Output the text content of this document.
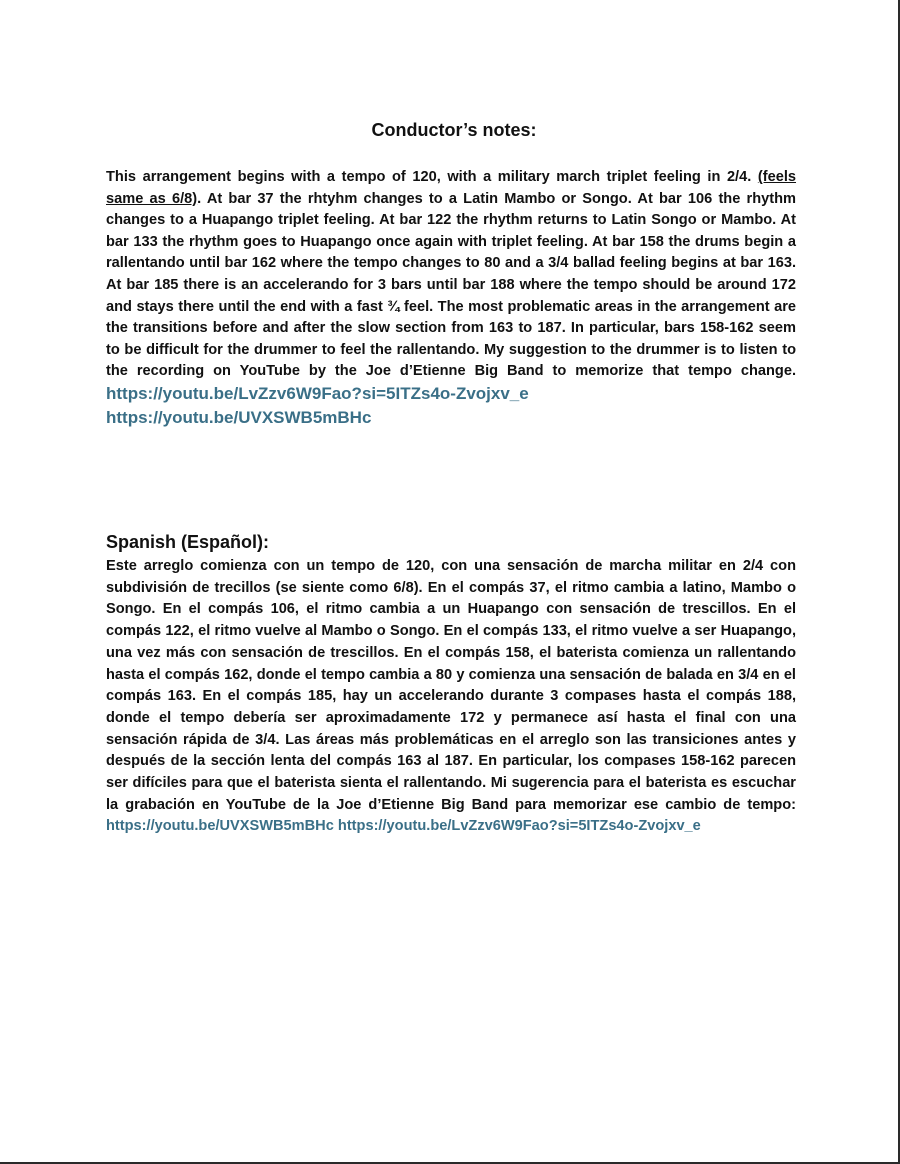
Conductor’s notes:
This arrangement begins with a tempo of 120, with a military march triplet feeling in 2/4. (feels same as 6/8). At bar 37 the rhtyhm changes to a Latin Mambo or Songo. At bar 106 the rhythm changes to a Huapango triplet feeling. At bar 122 the rhythm returns to Latin Songo or Mambo. At bar 133 the rhythm goes to Huapango once again with triplet feeling. At bar 158 the drums begin a rallentando until bar 162 where the tempo changes to 80 and a 3/4 ballad feeling begins at bar 163. At bar 185 there is an accelerando for 3 bars until bar 188 where the tempo should be around 172 and stays there until the end with a fast ¾ feel. The most problematic areas in the arrangement are the transitions before and after the slow section from 163 to 187. In particular, bars 158-162 seem to be difficult for the drummer to feel the rallentando. My suggestion to the drummer is to listen to the recording on YouTube by the Joe d’Etienne Big Band to memorize that tempo change. https://youtu.be/LvZzv6W9Fao?si=5ITZs4o-Zvojxv_e https://youtu.be/UVXSWB5mBHc
Spanish (Español):
Este arreglo comienza con un tempo de 120, con una sensación de marcha militar en 2/4 con subdivisión de trecillos (se siente como 6/8). En el compás 37, el ritmo cambia a latino, Mambo o Songo. En el compás 106, el ritmo cambia a un Huapango con sensación de trescillos. En el compás 122, el ritmo vuelve al Mambo o Songo. En el compás 133, el ritmo vuelve a ser Huapango, una vez más con sensación de trescillos. En el compás 158, el baterista comienza un rallentando hasta el compás 162, donde el tempo cambia a 80 y comienza una sensación de balada en 3/4 en el compás 163. En el compás 185, hay un accelerando durante 3 compases hasta el compás 188, donde el tempo debería ser aproximadamente 172 y permanece así hasta el final con una sensación rápida de 3/4. Las áreas más problemáticas en el arreglo son las transiciones antes y después de la sección lenta del compás 163 al 187. En particular, los compases 158-162 parecen ser difíciles para que el baterista sienta el rallentando. Mi sugerencia para el baterista es escuchar la grabación en YouTube de la Joe d’Etienne Big Band para memorizar ese cambio de tempo: https://youtu.be/UVXSWB5mBHc https://youtu.be/LvZzv6W9Fao?si=5ITZs4o-Zvojxv_e
